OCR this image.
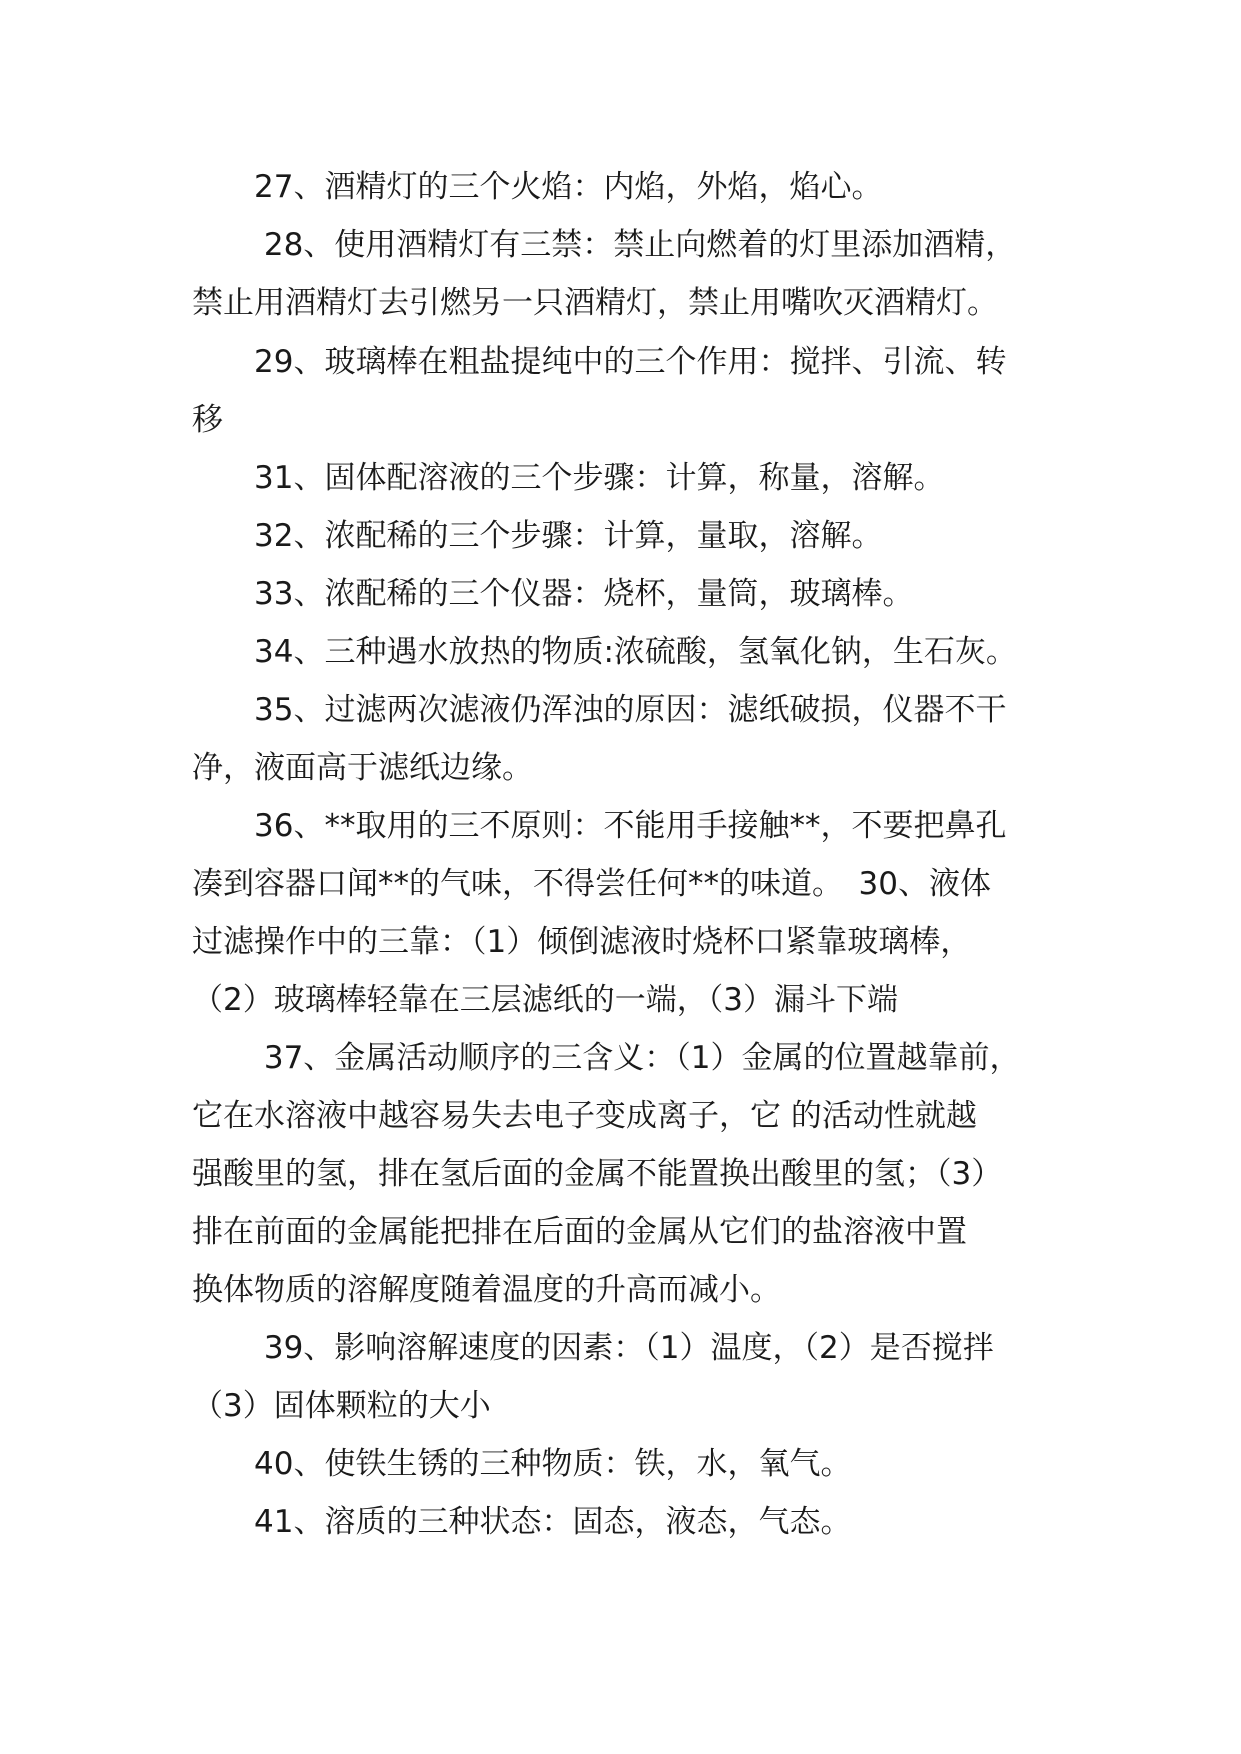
　　27、酒精灯的三个火焰：内焰，外焰，焰心。
　　 28、使用酒精灯有三禁：禁止向燃着的灯里添加酒精，
禁止用酒精灯去引燃另一只酒精灯，禁止用嘴吹灭酒精灯。
　　29、玻璃棒在粗盐提纯中的三个作用：搅拌、引流、转
移
　　31、固体配溶液的三个步骤：计算，称量，溶解。
　　32、浓配稀的三个步骤：计算，量取，溶解。
　　33、浓配稀的三个仪器：烧杯，量筒，玻璃棒。
　　34、三种遇水放热的物质:浓硫酸，氢氧化钠，生石灰。
　　35、过滤两次滤液仍浑浊的原因：滤纸破损，仪器不干
净，液面高于滤纸边缘。
　　36、**取用的三不原则：不能用手接触**，不要把鼻孔
凑到容器口闻**的气味，不得尝任何**的味道。　30、液体
过滤操作中的三靠：（1）倾倒滤液时烧杯口紧靠玻璃棒，
（2）玻璃棒轻靠在三层滤纸的一端，（3）漏斗下端
　　 37、金属活动顺序的三含义：（1）金属的位置越靠前，
它在水溶液中越容易失去电子变成离子，它 的活动性就越
强酸里的氢，排在氢后面的金属不能置换出酸里的氢；（3）
排在前面的金属能把排在后面的金属从它们的盐溶液中置
换体物质的溶解度随着温度的升高而减小。
　　 39、影响溶解速度的因素：（1）温度，（2）是否搅拌
（3）固体颗粒的大小
　　40、使铁生锈的三种物质：铁，水，氧气。
　　41、溶质的三种状态：固态，液态，气态。
